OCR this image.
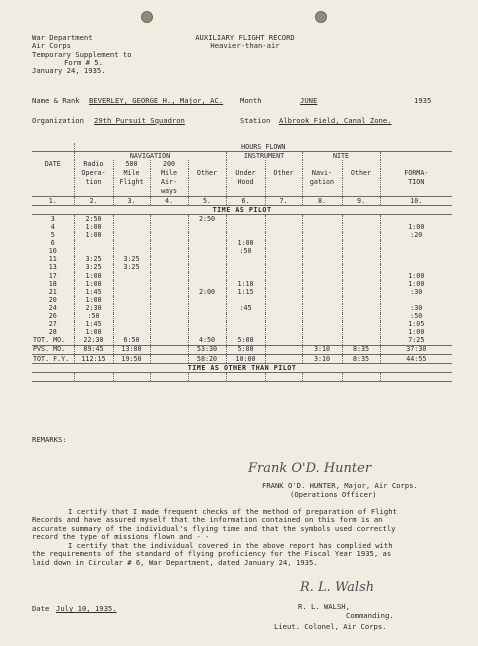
War Department
Air Corps
Temporary Supplement to
Form # 5.
January 24, 1935.
AUXILIARY FLIGHT RECORD
Heavier-than-air
Name & Rank BEVERLEY, GEORGE H., Major, AC. Month	JUNE	1935
Organization 29th Pursuit Squadron	Station Albrook Field, Canal Zone.
	HOURS FLOWN								
	NAVIGATION				INSTRUMENT		NITE		
DATE	Radio	500	200						
	Opera-	Mile	Mile	Other	Under	Other	Navi-	Other	FORMA-
	tion	Flight	Air-		Hood		gation		TION
			ways						
1.	2.	3.	4.	5.	6.	7.	8.	9.	10.
TIME AS PILOT									
3	2:50			2:50					
4	1:00								1:00
5	1:00								:20
6					1:00				
10					:50				
11	3:25	3:25							
13	3:25	3:25							
17	1:00								1:00
18	1:00				1:10				1:00
21	1:45			2:00	1:15				:30
20	1:00								
24	2:30				:45				:30
26	:50								:50
27	1:45								1:05
28	1:00								1:00
TOT. MO.	22:30	6:50		4:50	5:00				7:25
PVS. MO.	89:45	13:00		53:30	5:00		3:10	8:35	37:30
TOT. F.Y.	112:15	19:50		58:20	10:00		3:10	8:35	44:55
TIME AS OTHER THAN PILOT									

REMARKS:
Frank O'D. Hunter
FRANK O'D. HUNTER, Major, Air Corps.
(Operations Officer)
I certify that I made frequent checks of the method of preparation of Flight
Records and have assured myself that the information contained on this form is an
accurate summary of the individual's flying time and that the symbols used correctly
record the type of missions flown and - -
I certify that the individual covered in the above report has complied with
the requirements of the standard of flying proficiency for the Fiscal Year 1935, as
laid down in Circular # 6, War Department, dated January 24, 1935.
Date July 10, 1935.
R. L. Walsh
R. L. WALSH,
Commanding.
Lieut. Colonel, Air Corps.
